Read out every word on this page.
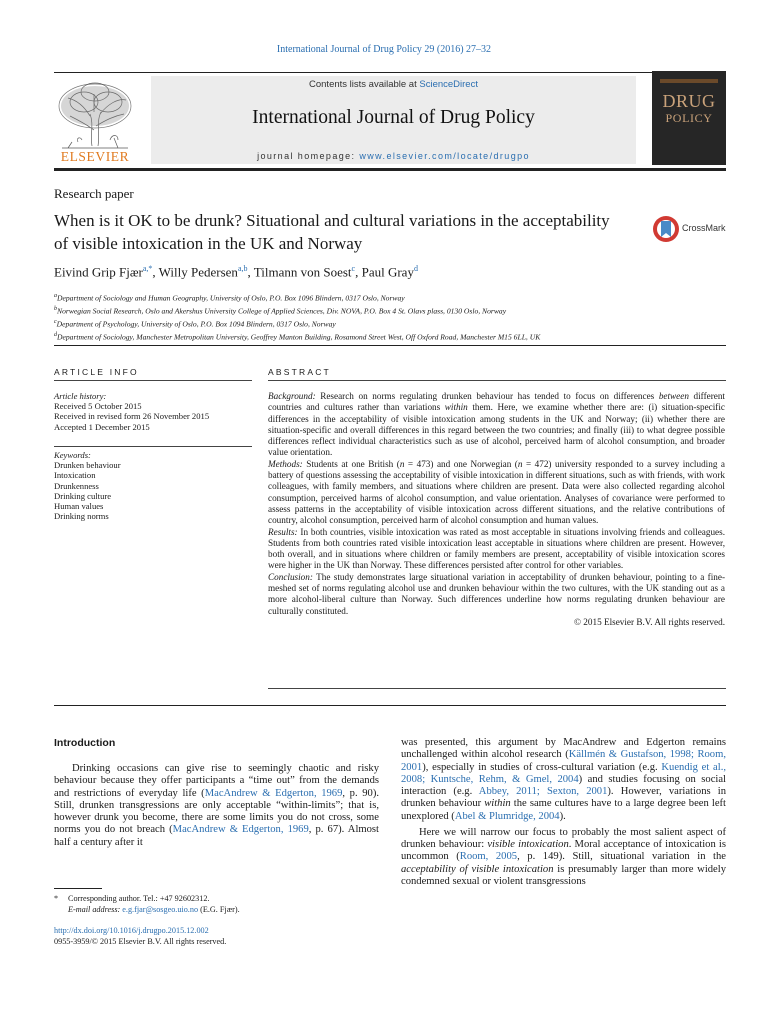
International Journal of Drug Policy 29 (2016) 27–32
ELSEVIER
Contents lists available at ScienceDirect
International Journal of Drug Policy
journal homepage: www.elsevier.com/locate/drugpo
DRUG
POLICY
Research paper
When is it OK to be drunk? Situational and cultural variations in the acceptability of visible intoxication in the UK and Norway
CrossMark
Eivind Grip Fjær$^{a,*}$, Willy Pedersen$^{a,b}$, Tilmann von Soest$^c$, Paul Gray$^d$
$^a$Department of Sociology and Human Geography, University of Oslo, P.O. Box 1096 Blindern, 0317 Oslo, Norway
$^b$Norwegian Social Research, Oslo and Akershus University College of Applied Sciences, Div. NOVA, P.O. Box 4 St. Olavs plass, 0130 Oslo, Norway
$^c$Department of Psychology, University of Oslo, P.O. Box 1094 Blindern, 0317 Oslo, Norway
$^d$Department of Sociology, Manchester Metropolitan University, Geoffrey Manton Building, Rosamond Street West, Off Oxford Road, Manchester M15 6LL, UK
ARTICLE INFO
Article history:
Received 5 October 2015
Received in revised form 26 November 2015
Accepted 1 December 2015
Keywords:
Drunken behaviour
Intoxication
Drunkenness
Drinking culture
Human values
Drinking norms
ABSTRACT

Background: Research on norms regulating drunken behaviour has tended to focus on differences between different countries and cultures rather than variations within them. Here, we examine whether there are: (i) situation-specific differences in the acceptability of visible intoxication among students in the UK and Norway; (ii) whether there are situation-specific and overall differences in this regard between the two countries; and finally (iii) to what degree possible differences reflect individual characteristics such as use of alcohol, perceived harm of alcohol consumption, and broader value orientation.

Methods: Students at one British (n = 473) and one Norwegian (n = 472) university responded to a survey including a battery of questions assessing the acceptability of visible intoxication in different situations, such as with friends, with work colleagues, with family members, and situations where children are present. Data were also collected regarding alcohol consumption, perceived harms of alcohol consumption, and value orientation. Analyses of covariance were performed to assess patterns in the acceptability of visible intoxication across different situations, and the relative contributions of country, alcohol consumption, perceived harm of alcohol consumption and human values.

Results: In both countries, visible intoxication was rated as most acceptable in situations involving friends and colleagues. Students from both countries rated visible intoxication least acceptable in situations where children are present. However, both overall, and in situations where children or family members are present, acceptability of visible intoxication scores were higher in the UK than Norway. These differences persisted after control for other variables.

Conclusion: The study demonstrates large situational variation in acceptability of drunken behaviour, pointing to a fine-meshed set of norms regulating alcohol use and drunken behaviour within the two cultures, with the UK standing out as a more alcohol-liberal culture than Norway. Such differences underline how norms regulating drunken behaviour are culturally constituted.

© 2015 Elsevier B.V. All rights reserved.

Introduction

Drinking occasions can give rise to seemingly chaotic and risky behaviour because they offer participants a “time out” from the demands and restrictions of everyday life (MacAndrew & Edgerton, 1969, p. 90). Still, drunken transgressions are only acceptable “within-limits”; that is, however drunk you become, there are some limits you do not cross, some norms you do not breach (MacAndrew & Edgerton, 1969, p. 67). Almost half a century after it

* Corresponding author. Tel.: +47 92602312.
E-mail address: e.g.fjar@sosgeo.uio.no (E.G. Fjær).
http://dx.doi.org/10.1016/j.drugpo.2015.12.002
0955-3959/© 2015 Elsevier B.V. All rights reserved.

was presented, this argument by MacAndrew and Edgerton remains unchallenged within alcohol research (Källmén & Gustafson, 1998; Room, 2001), especially in studies of cross-cultural variation (e.g. Kuendig et al., 2008; Kuntsche, Rehm, & Gmel, 2004) and studies focusing on social interaction (e.g. Abbey, 2011; Sexton, 2001). However, variations in drunken behaviour within the same cultures have to a large degree been left unexplored (Abel & Plumridge, 2004).

Here we will narrow our focus to probably the most salient aspect of drunken behaviour: visible intoxication. Moral acceptance of intoxication is uncommon (Room, 2005, p. 149). Still, situational variation in the acceptability of visible intoxication is presumably larger than more widely condemned sexual or violent transgressions
